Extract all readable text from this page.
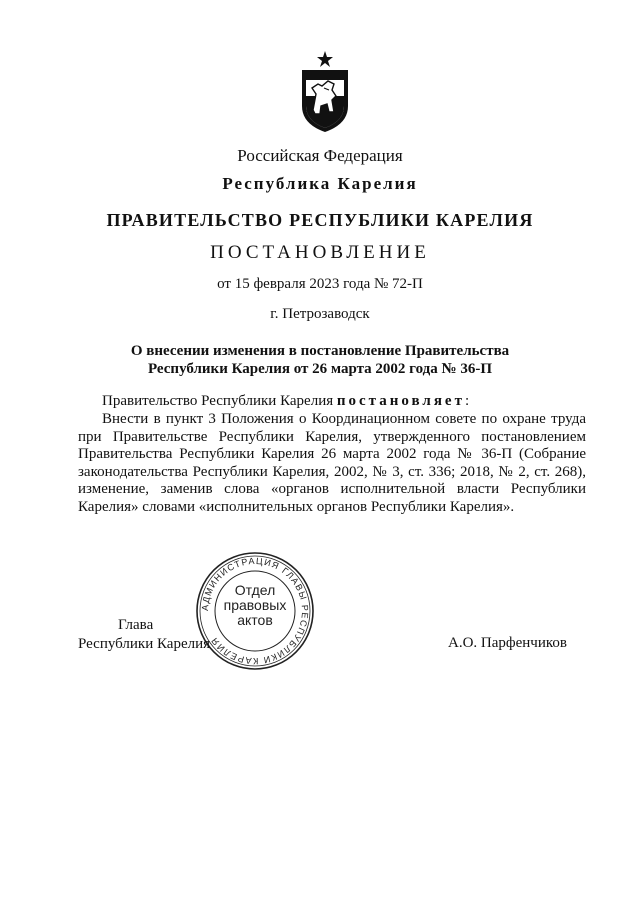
Российская Федерация
Республика Карелия
ПРАВИТЕЛЬСТВО РЕСПУБЛИКИ КАРЕЛИЯ
ПОСТАНОВЛЕНИЕ
от 15 февраля 2023 года № 72-П
г. Петрозаводск
О внесении изменения в постановление Правительства
Республики Карелия от 26 марта 2002 года № 36-П
Правительство Республики Карелия постановляет:
Внести в пункт 3 Положения о Координационном совете по охране труда при Правительстве Республики Карелия, утвержденного постановлением Правительства Республики Карелия 26 марта 2002 года № 36-П (Собрание законодательства Республики Карелия, 2002, № 3, ст. 336; 2018, № 2, ст. 268), изменение, заменив слова «органов исполнительной власти Республики Карелия» словами «исполнительных органов Республики Карелия».
АДМИНИСТРАЦИЯ ГЛАВЫ РЕСПУБЛИКИ КАРЕЛИЯ
Отдел
правовых
актов
Глава
Республики Карелия	А.О. Парфенчиков
